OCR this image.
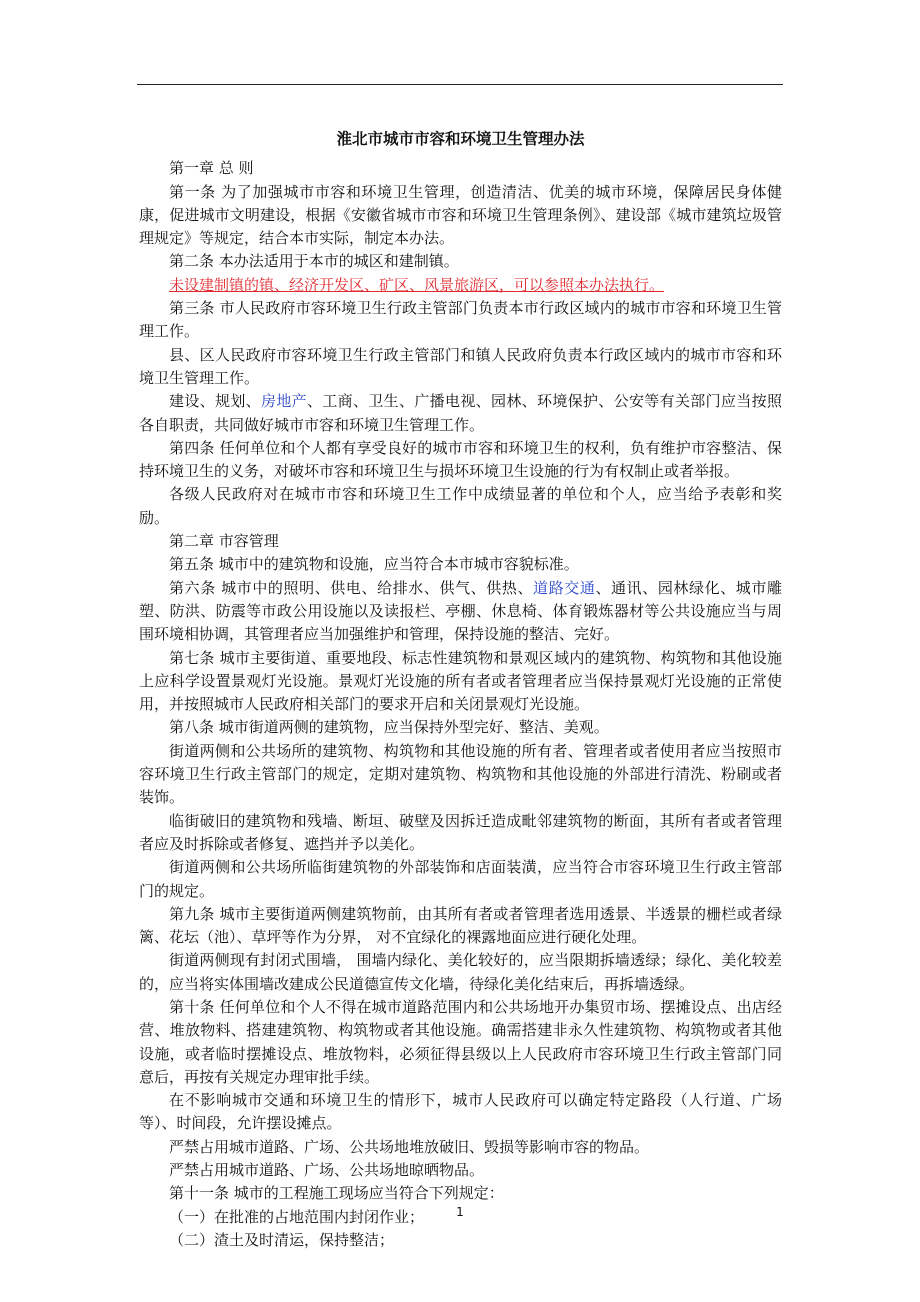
淮北市城市市容和环境卫生管理办法

第一章 总 则

第一条 为了加强城市市容和环境卫生管理，创造清洁、优美的城市环境，保障居民身体健康，促进城市文明建设，根据《安徽省城市市容和环境卫生管理条例》、建设部《城市建筑垃圾管理规定》等规定，结合本市实际，制定本办法。

第二条 本办法适用于本市的城区和建制镇。

未设建制镇的镇、经济开发区、矿区、风景旅游区，可以参照本办法执行。

第三条 市人民政府市容环境卫生行政主管部门负责本市行政区域内的城市市容和环境卫生管理工作。

县、区人民政府市容环境卫生行政主管部门和镇人民政府负责本行政区域内的城市市容和环境卫生管理工作。

建设、规划、房地产、工商、卫生、广播电视、园林、环境保护、公安等有关部门应当按照各自职责，共同做好城市市容和环境卫生管理工作。

第四条 任何单位和个人都有享受良好的城市市容和环境卫生的权利，负有维护市容整洁、保持环境卫生的义务，对破坏市容和环境卫生与损坏环境卫生设施的行为有权制止或者举报。

各级人民政府对在城市市容和环境卫生工作中成绩显著的单位和个人，应当给予表彰和奖励。

第二章 市容管理

第五条 城市中的建筑物和设施，应当符合本市城市容貌标准。

第六条 城市中的照明、供电、给排水、供气、供热、道路交通、通讯、园林绿化、城市雕塑、防洪、防震等市政公用设施以及读报栏、亭棚、休息椅、体育锻炼器材等公共设施应当与周围环境相协调，其管理者应当加强维护和管理，保持设施的整洁、完好。

第七条 城市主要街道、重要地段、标志性建筑物和景观区域内的建筑物、构筑物和其他设施上应科学设置景观灯光设施。景观灯光设施的所有者或者管理者应当保持景观灯光设施的正常使用，并按照城市人民政府相关部门的要求开启和关闭景观灯光设施。

第八条 城市街道两侧的建筑物，应当保持外型完好、整洁、美观。

街道两侧和公共场所的建筑物、构筑物和其他设施的所有者、管理者或者使用者应当按照市容环境卫生行政主管部门的规定，定期对建筑物、构筑物和其他设施的外部进行清洗、粉刷或者装饰。

临街破旧的建筑物和残墙、断垣、破壁及因拆迁造成毗邻建筑物的断面，其所有者或者管理者应及时拆除或者修复、遮挡并予以美化。

街道两侧和公共场所临街建筑物的外部装饰和店面装潢，应当符合市容环境卫生行政主管部门的规定。

第九条 城市主要街道两侧建筑物前，由其所有者或者管理者选用透景、半透景的栅栏或者绿篱、花坛（池）、草坪等作为分界， 对不宜绿化的裸露地面应进行硬化处理。

街道两侧现有封闭式围墙， 围墙内绿化、美化较好的，应当限期拆墙透绿；绿化、美化较差的，应当将实体围墙改建成公民道德宣传文化墙，待绿化美化结束后，再拆墙透绿。

第十条 任何单位和个人不得在城市道路范围内和公共场地开办集贸市场、摆摊设点、出店经营、堆放物料、搭建建筑物、构筑物或者其他设施。确需搭建非永久性建筑物、构筑物或者其他设施，或者临时摆摊设点、堆放物料，必须征得县级以上人民政府市容环境卫生行政主管部门同意后，再按有关规定办理审批手续。

在不影响城市交通和环境卫生的情形下，城市人民政府可以确定特定路段（人行道、广场等）、时间段，允许摆设摊点。

严禁占用城市道路、广场、公共场地堆放破旧、毁损等影响市容的物品。

严禁占用城市道路、广场、公共场地晾晒物品。

第十一条 城市的工程施工现场应当符合下列规定：

（一）在批准的占地范围内封闭作业；

（二）渣土及时清运，保持整洁；

1
